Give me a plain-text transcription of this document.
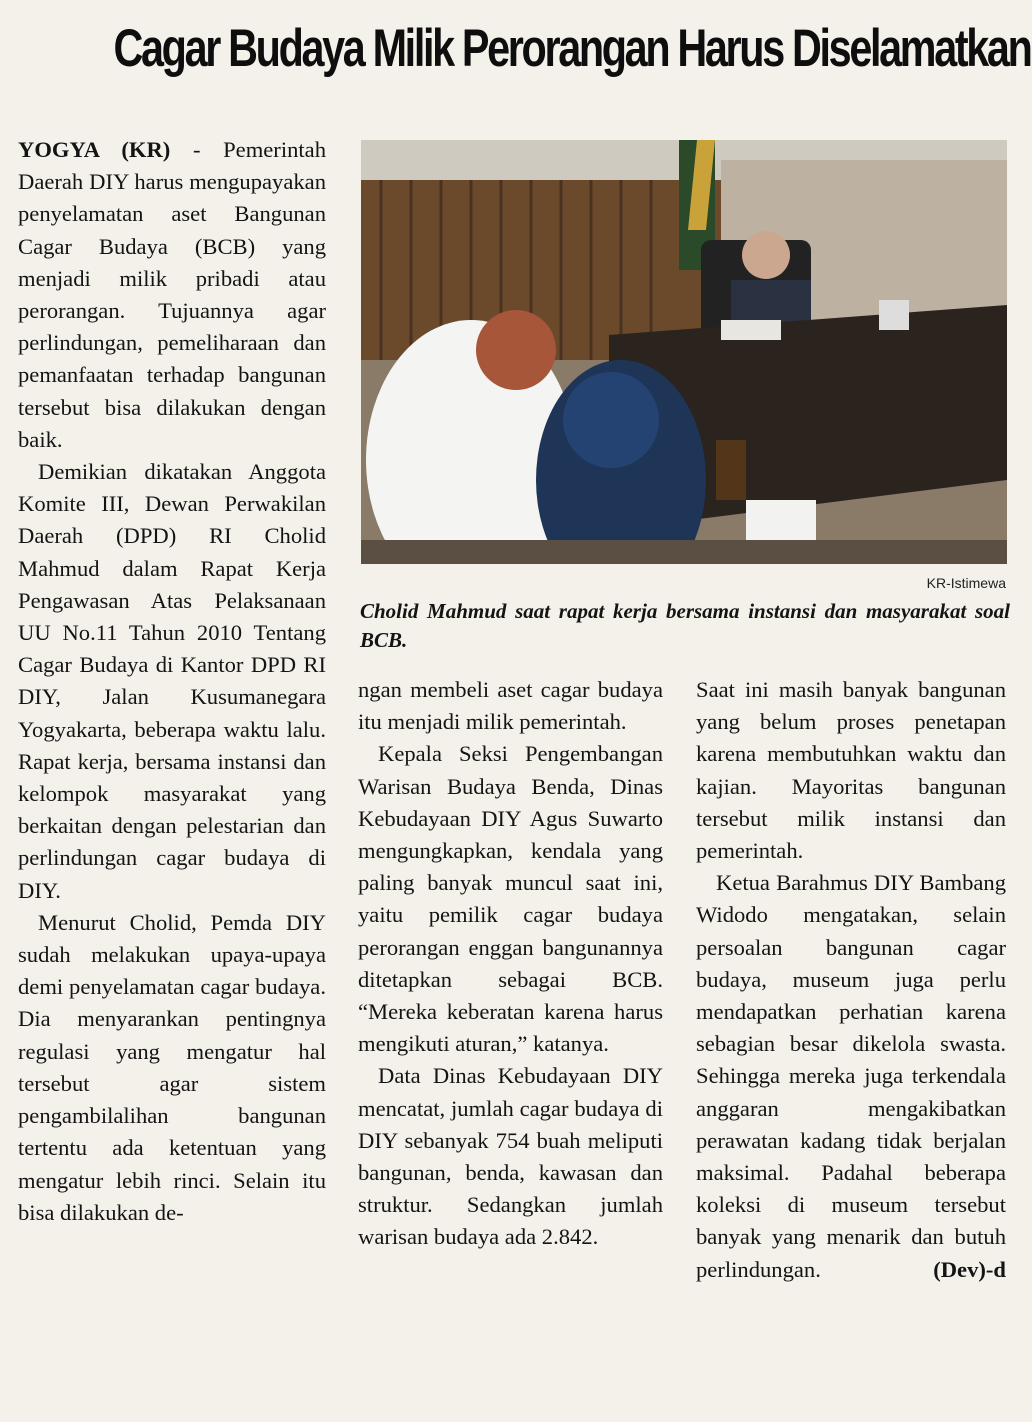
Cagar Budaya Milik Perorangan Harus Diselamatkan

YOGYA (KR) - Pemerintah Daerah DIY harus mengupayakan penyelamatan aset Bangunan Cagar Budaya (BCB) yang menjadi milik pribadi atau perorangan. Tujuannya agar perlindungan, pemeliharaan dan pemanfaatan terhadap bangunan tersebut bisa dilakukan dengan baik.

Demikian dikatakan Anggota Komite III, Dewan Perwakilan Daerah (DPD) RI Cholid Mahmud dalam Rapat Kerja Pengawasan Atas Pelaksanaan UU No.11 Tahun 2010 Tentang Cagar Budaya di Kantor DPD RI DIY, Jalan Kusumanegara Yogyakarta, beberapa waktu lalu. Rapat kerja, bersama instansi dan kelompok masyarakat yang berkaitan dengan pelestarian dan perlindungan cagar budaya di DIY.

Menurut Cholid, Pemda DIY sudah melakukan upaya-upaya demi penyelamatan cagar budaya. Dia menyarankan pentingnya regulasi yang mengatur hal tersebut agar sistem pengambilalihan bangunan tertentu ada ketentuan yang mengatur lebih rinci. Selain itu bisa dilakukan de-

KR-Istimewa
Cholid Mahmud saat rapat kerja bersama instansi dan masyarakat soal BCB.

ngan membeli aset cagar budaya itu menjadi milik pemerintah.

Kepala Seksi Pengembangan Warisan Budaya Benda, Dinas Kebudayaan DIY Agus Suwarto mengungkapkan, kendala yang paling banyak muncul saat ini, yaitu pemilik cagar budaya perorangan enggan bangunannya ditetapkan sebagai BCB. “Mereka keberatan karena harus mengikuti aturan,” katanya.

Data Dinas Kebudayaan DIY mencatat, jumlah cagar budaya di DIY sebanyak 754 buah meliputi bangunan, benda, kawasan dan struktur. Sedangkan jumlah warisan budaya ada 2.842.

Saat ini masih banyak bangunan yang belum proses penetapan karena membutuhkan waktu dan kajian. Mayoritas bangunan tersebut milik instansi dan pemerintah.

Ketua Barahmus DIY Bambang Widodo mengatakan, selain persoalan bangunan cagar budaya, museum juga perlu mendapatkan perhatian karena sebagian besar dikelola swasta. Sehingga mereka juga terkendala anggaran mengakibatkan perawatan kadang tidak berjalan maksimal. Padahal beberapa koleksi di museum tersebut banyak yang menarik dan butuh perlindungan.	(Dev)-d
